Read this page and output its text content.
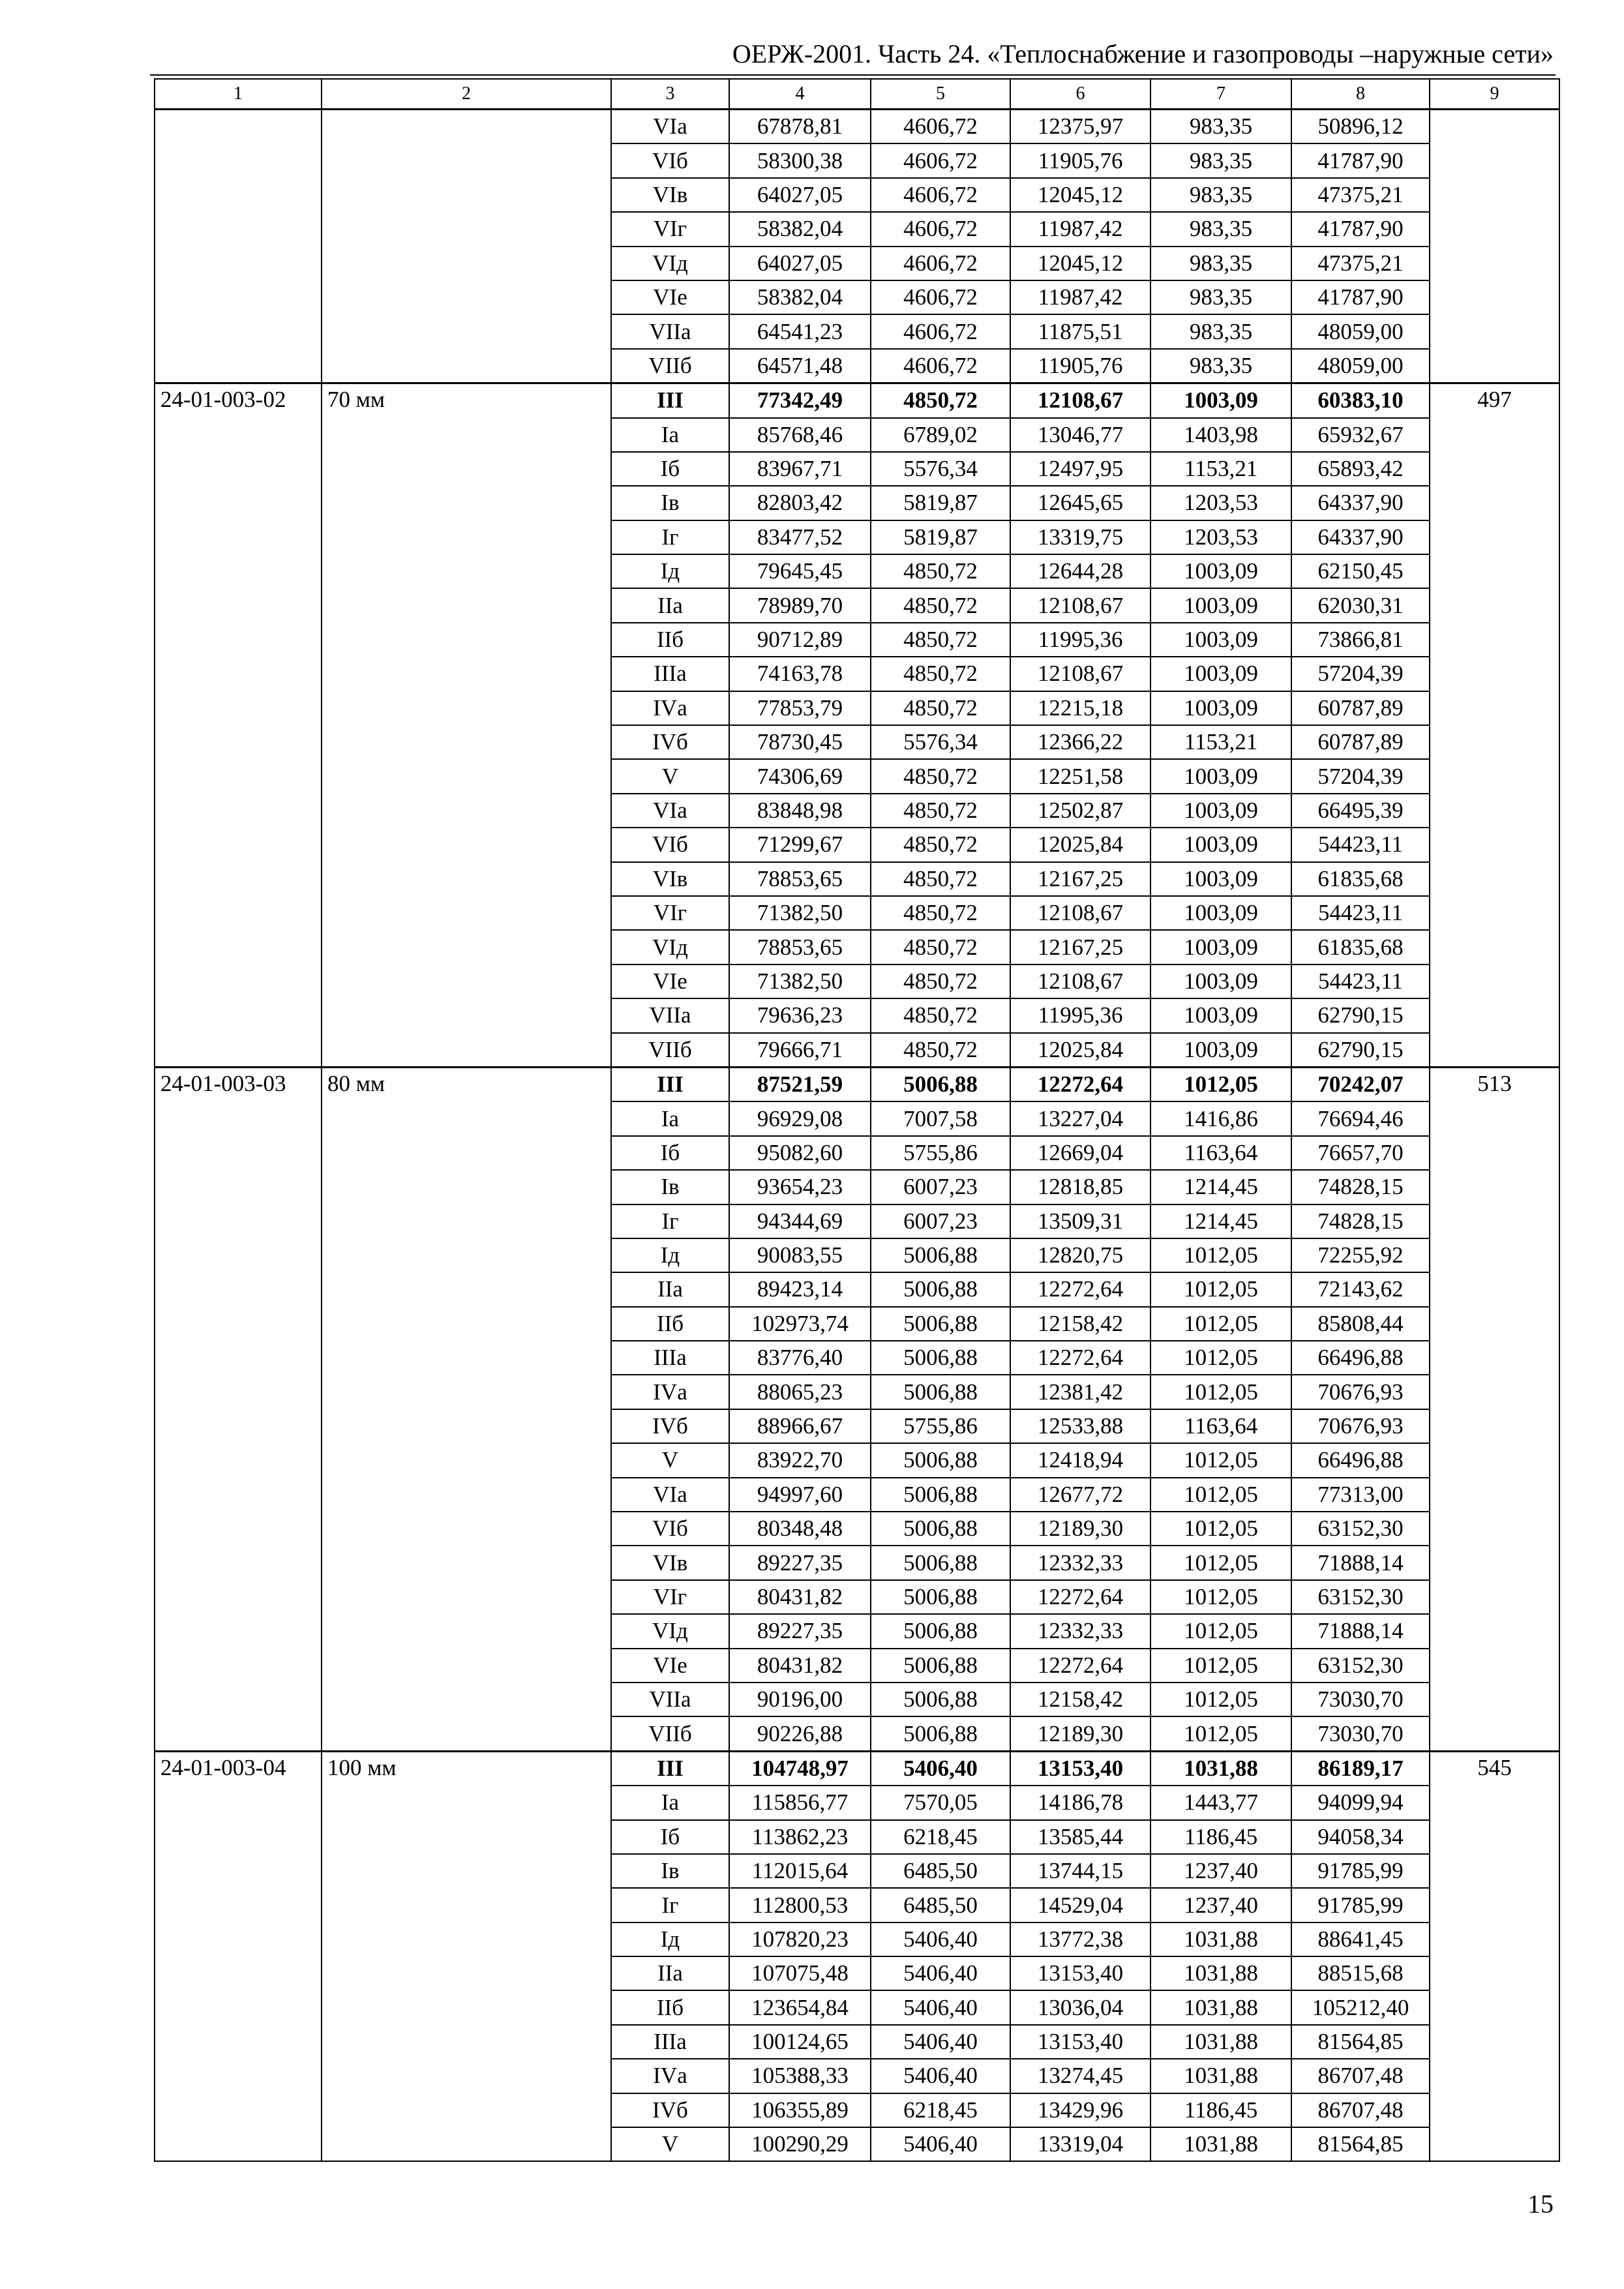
ОЕРЖ-2001. Часть 24. «Теплоснабжение и газопроводы –наружные сети»
1	2	3	4	5	6	7	8	9
		VIа	67878,81	4606,72	12375,97	983,35	50896,12	
		VIб	58300,38	4606,72	11905,76	983,35	41787,90	
		VIв	64027,05	4606,72	12045,12	983,35	47375,21	
		VIг	58382,04	4606,72	11987,42	983,35	41787,90	
		VIд	64027,05	4606,72	12045,12	983,35	47375,21	
		VIе	58382,04	4606,72	11987,42	983,35	41787,90	
		VIIа	64541,23	4606,72	11875,51	983,35	48059,00	
		VIIб	64571,48	4606,72	11905,76	983,35	48059,00	
24-01-003-02	70 мм	III	77342,49	4850,72	12108,67	1003,09	60383,10	497
		Iа	85768,46	6789,02	13046,77	1403,98	65932,67	
		Iб	83967,71	5576,34	12497,95	1153,21	65893,42	
		Iв	82803,42	5819,87	12645,65	1203,53	64337,90	
		Iг	83477,52	5819,87	13319,75	1203,53	64337,90	
		Iд	79645,45	4850,72	12644,28	1003,09	62150,45	
		IIа	78989,70	4850,72	12108,67	1003,09	62030,31	
		IIб	90712,89	4850,72	11995,36	1003,09	73866,81	
		IIIа	74163,78	4850,72	12108,67	1003,09	57204,39	
		IVа	77853,79	4850,72	12215,18	1003,09	60787,89	
		IVб	78730,45	5576,34	12366,22	1153,21	60787,89	
		V	74306,69	4850,72	12251,58	1003,09	57204,39	
		VIа	83848,98	4850,72	12502,87	1003,09	66495,39	
		VIб	71299,67	4850,72	12025,84	1003,09	54423,11	
		VIв	78853,65	4850,72	12167,25	1003,09	61835,68	
		VIг	71382,50	4850,72	12108,67	1003,09	54423,11	
		VIд	78853,65	4850,72	12167,25	1003,09	61835,68	
		VIе	71382,50	4850,72	12108,67	1003,09	54423,11	
		VIIа	79636,23	4850,72	11995,36	1003,09	62790,15	
		VIIб	79666,71	4850,72	12025,84	1003,09	62790,15	
24-01-003-03	80 мм	III	87521,59	5006,88	12272,64	1012,05	70242,07	513
		Iа	96929,08	7007,58	13227,04	1416,86	76694,46	
		Iб	95082,60	5755,86	12669,04	1163,64	76657,70	
		Iв	93654,23	6007,23	12818,85	1214,45	74828,15	
		Iг	94344,69	6007,23	13509,31	1214,45	74828,15	
		Iд	90083,55	5006,88	12820,75	1012,05	72255,92	
		IIа	89423,14	5006,88	12272,64	1012,05	72143,62	
		IIб	102973,74	5006,88	12158,42	1012,05	85808,44	
		IIIа	83776,40	5006,88	12272,64	1012,05	66496,88	
		IVа	88065,23	5006,88	12381,42	1012,05	70676,93	
		IVб	88966,67	5755,86	12533,88	1163,64	70676,93	
		V	83922,70	5006,88	12418,94	1012,05	66496,88	
		VIа	94997,60	5006,88	12677,72	1012,05	77313,00	
		VIб	80348,48	5006,88	12189,30	1012,05	63152,30	
		VIв	89227,35	5006,88	12332,33	1012,05	71888,14	
		VIг	80431,82	5006,88	12272,64	1012,05	63152,30	
		VIд	89227,35	5006,88	12332,33	1012,05	71888,14	
		VIе	80431,82	5006,88	12272,64	1012,05	63152,30	
		VIIа	90196,00	5006,88	12158,42	1012,05	73030,70	
		VIIб	90226,88	5006,88	12189,30	1012,05	73030,70	
24-01-003-04	100 мм	III	104748,97	5406,40	13153,40	1031,88	86189,17	545
		Iа	115856,77	7570,05	14186,78	1443,77	94099,94	
		Iб	113862,23	6218,45	13585,44	1186,45	94058,34	
		Iв	112015,64	6485,50	13744,15	1237,40	91785,99	
		Iг	112800,53	6485,50	14529,04	1237,40	91785,99	
		Iд	107820,23	5406,40	13772,38	1031,88	88641,45	
		IIа	107075,48	5406,40	13153,40	1031,88	88515,68	
		IIб	123654,84	5406,40	13036,04	1031,88	105212,40	
		IIIа	100124,65	5406,40	13153,40	1031,88	81564,85	
		IVа	105388,33	5406,40	13274,45	1031,88	86707,48	
		IVб	106355,89	6218,45	13429,96	1186,45	86707,48	
		V	100290,29	5406,40	13319,04	1031,88	81564,85	
15
